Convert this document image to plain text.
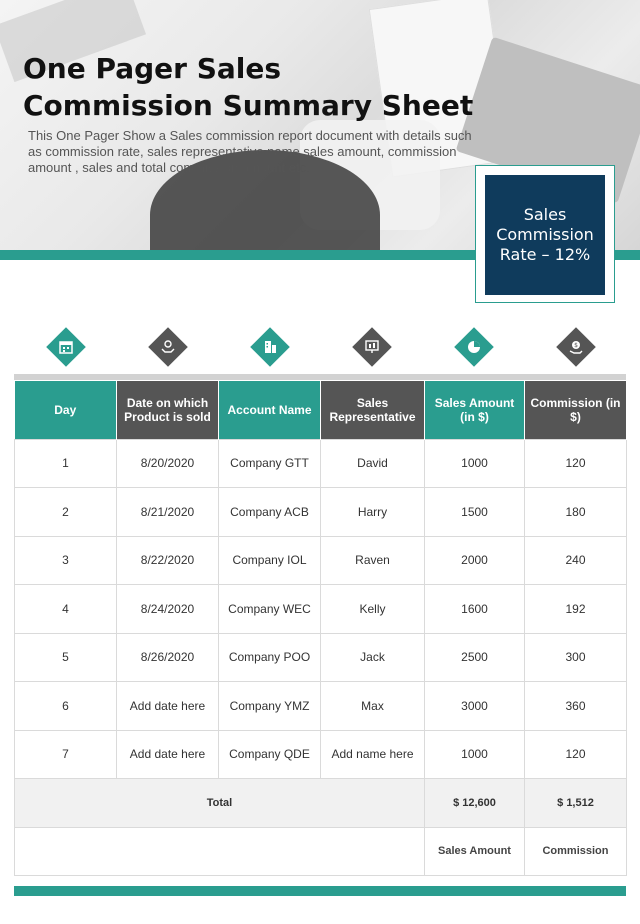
One Pager Sales
Commission Summary Sheet

This One Pager Show a Sales commission report document with details such as commission rate, sales representative name sales amount, commission amount , sales and total commission amount etc.

Sales Commission Rate – 12%
$
Day	Date on which Product is sold	Account Name	Sales Representative	Sales Amount (in $)	Commission (in $)
1	8/20/2020	Company GTT	David	1000	120
2	8/21/2020	Company ACB	Harry	1500	180
3	8/22/2020	Company IOL	Raven	2000	240
4	8/24/2020	Company WEC	Kelly	1600	192
5	8/26/2020	Company POO	Jack	2500	300
6	Add date here	Company YMZ	Max	3000	360
7	Add date here	Company QDE	Add name here	1000	120
Total				$ 12,600	$ 1,512
				Sales Amount	Commission
